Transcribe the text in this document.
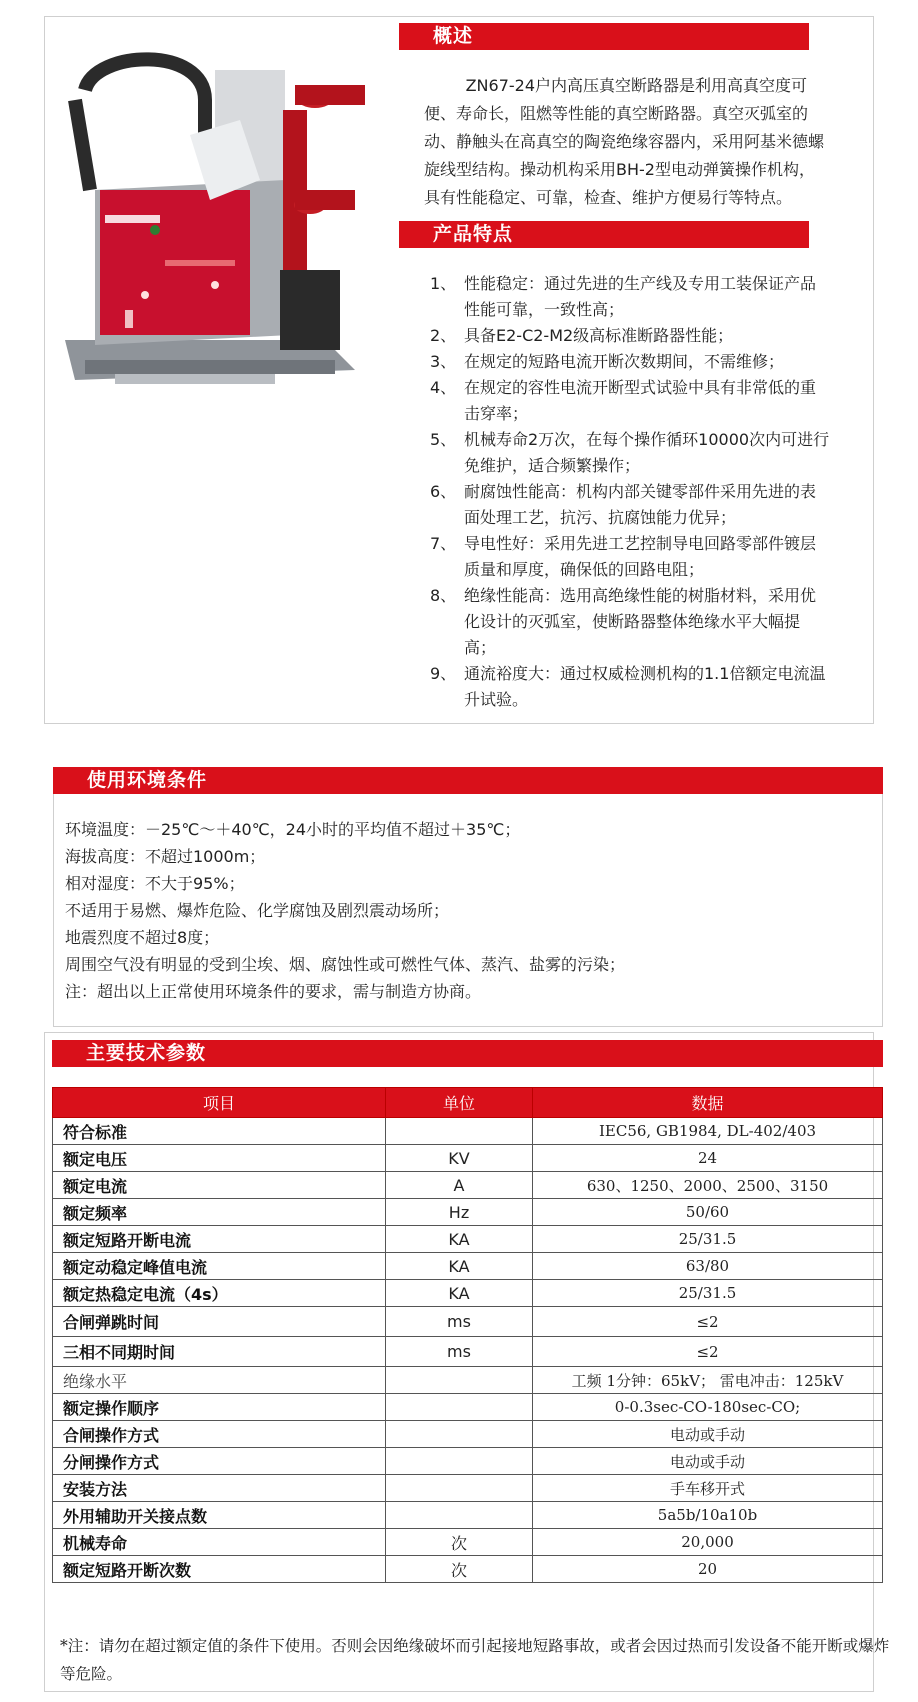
概述
ZN67-24户内高压真空断路器是利用高真空度可便、寿命长，阻燃等性能的真空断路器。真空灭弧室的动、静触头在高真空的陶瓷绝缘容器内，采用阿基米德螺旋线型结构。操动机构采用BH-2型电动弹簧操作机构，具有性能稳定、可靠，检查、维护方便易行等特点。
产品特点
1、 性能稳定：通过先进的生产线及专用工装保证产品性能可靠，一致性高；
2、 具备E2-C2-M2级高标准断路器性能；
3、 在规定的短路电流开断次数期间，不需维修；
4、 在规定的容性电流开断型式试验中具有非常低的重击穿率；
5、 机械寿命2万次，在每个操作循环10000次内可进行免维护，适合频繁操作；
6、 耐腐蚀性能高：机构内部关键零部件采用先进的表面处理工艺，抗污、抗腐蚀能力优异；
7、 导电性好：采用先进工艺控制导电回路零部件镀层质量和厚度，确保低的回路电阻；
8、 绝缘性能高：选用高绝缘性能的树脂材料，采用优化设计的灭弧室，使断路器整体绝缘水平大幅提高；
9、 通流裕度大：通过权威检测机构的1.1倍额定电流温升试验。
使用环境条件
环境温度：－25℃～＋40℃，24小时的平均值不超过＋35℃；
海拔高度：不超过1000m；
相对湿度：不大于95%；
不适用于易燃、爆炸危险、化学腐蚀及剧烈震动场所；
地震烈度不超过8度；
周围空气没有明显的受到尘埃、烟、腐蚀性或可燃性气体、蒸汽、盐雾的污染；
注：超出以上正常使用环境条件的要求，需与制造方协商。
主要技术参数
项目	单位	数据
符合标准		IEC56, GB1984, DL-402/403
额定电压	KV	24
额定电流	A	630、1250、2000、2500、3150
额定频率	Hz	50/60
额定短路开断电流	KA	25/31.5
额定动稳定峰值电流	KA	63/80
额定热稳定电流（4s）	KA	25/31.5
合闸弹跳时间	ms	≤2
三相不同期时间	ms	≤2
绝缘水平		工频 1分钟：65kV； 雷电冲击：125kV
额定操作顺序		0-0.3sec-CO-180sec-CO;
合闸操作方式		电动或手动
分闸操作方式		电动或手动
安装方法		手车移开式
外用辅助开关接点数		5a5b/10a10b
机械寿命	次	20,000
额定短路开断次数	次	20
*注：请勿在超过额定值的条件下使用。否则会因绝缘破坏而引起接地短路事故，或者会因过热而引发设备不能开断或爆炸等危险。
